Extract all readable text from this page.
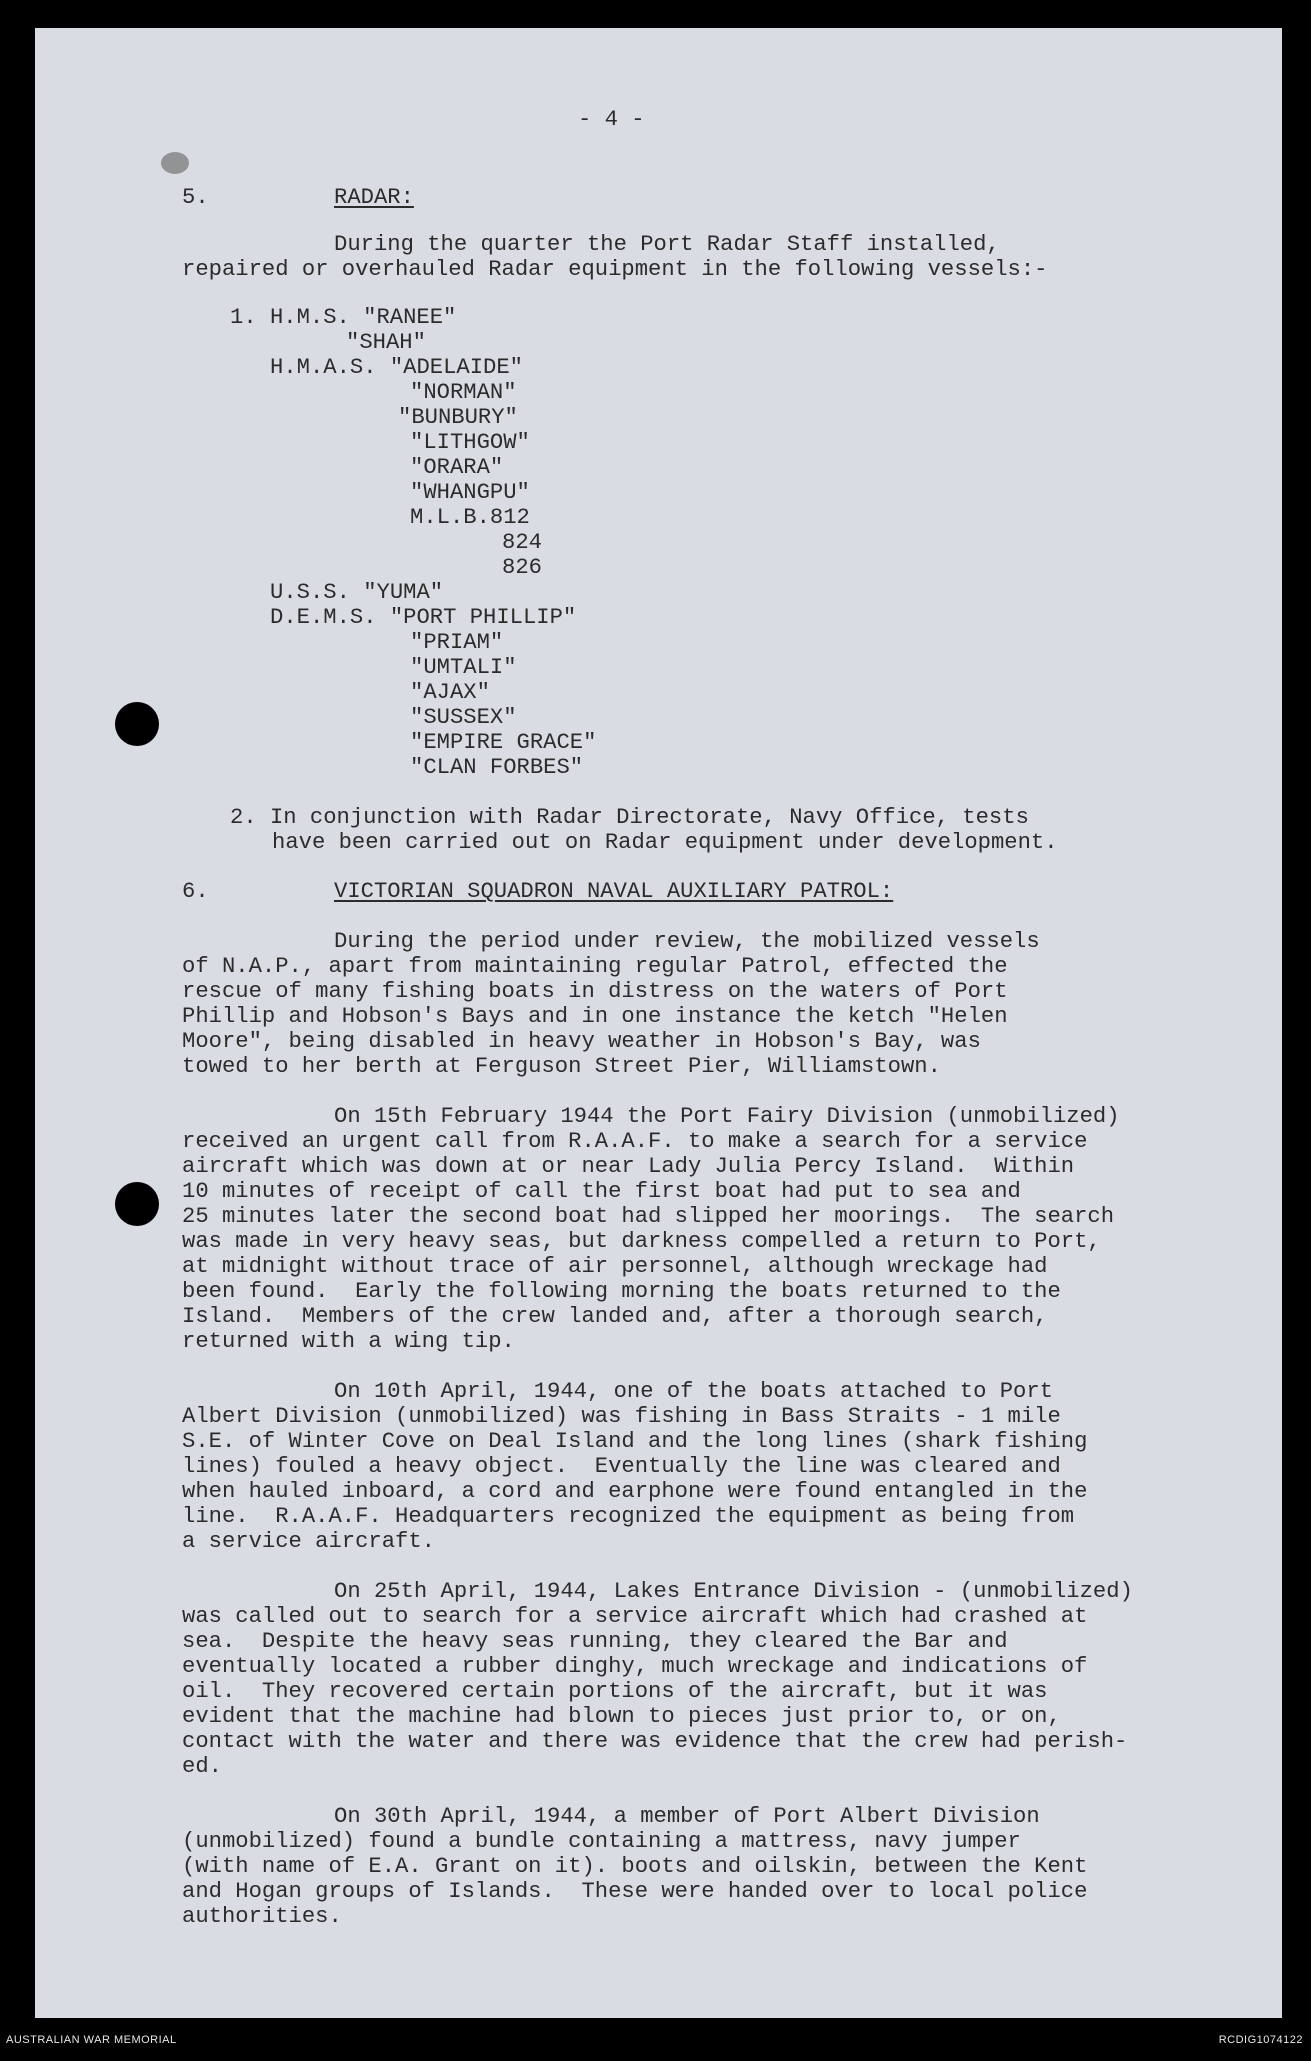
- 4 -
5.	RADAR:
During the quarter the Port Radar Staff installed,
repaired or overhauled Radar equipment in the following vessels:-
1. H.M.S. "RANEE"
"SHAH"
H.M.A.S. "ADELAIDE"
"NORMAN"
"BUNBURY"
"LITHGOW"
"ORARA"
"WHANGPU"
M.L.B.812
824
826
U.S.S. "YUMA"
D.E.M.S. "PORT PHILLIP"
"PRIAM"
"UMTALI"
"AJAX"
"SUSSEX"
"EMPIRE GRACE"
"CLAN FORBES"
2. In conjunction with Radar Directorate, Navy Office, tests
have been carried out on Radar equipment under development.
6.	VICTORIAN SQUADRON NAVAL AUXILIARY PATROL:
During the period under review, the mobilized vessels
of N.A.P., apart from maintaining regular Patrol, effected the
rescue of many fishing boats in distress on the waters of Port
Phillip and Hobson's Bays and in one instance the ketch "Helen
Moore", being disabled in heavy weather in Hobson's Bay, was
towed to her berth at Ferguson Street Pier, Williamstown.
On 15th February 1944 the Port Fairy Division (unmobilized)
received an urgent call from R.A.A.F. to make a search for a service
aircraft which was down at or near Lady Julia Percy Island.  Within
10 minutes of receipt of call the first boat had put to sea and
25 minutes later the second boat had slipped her moorings.  The search
was made in very heavy seas, but darkness compelled a return to Port,
at midnight without trace of air personnel, although wreckage had
been found.  Early the following morning the boats returned to the
Island.  Members of the crew landed and, after a thorough search,
returned with a wing tip.
On 10th April, 1944, one of the boats attached to Port
Albert Division (unmobilized) was fishing in Bass Straits - 1 mile
S.E. of Winter Cove on Deal Island and the long lines (shark fishing
lines) fouled a heavy object.  Eventually the line was cleared and
when hauled inboard, a cord and earphone were found entangled in the
line.  R.A.A.F. Headquarters recognized the equipment as being from
a service aircraft.
On 25th April, 1944, Lakes Entrance Division - (unmobilized)
was called out to search for a service aircraft which had crashed at
sea.  Despite the heavy seas running, they cleared the Bar and
eventually located a rubber dinghy, much wreckage and indications of
oil.  They recovered certain portions of the aircraft, but it was
evident that the machine had blown to pieces just prior to, or on,
contact with the water and there was evidence that the crew had perish-
ed.
On 30th April, 1944, a member of Port Albert Division
(unmobilized) found a bundle containing a mattress, navy jumper
(with name of E.A. Grant on it). boots and oilskin, between the Kent
and Hogan groups of Islands.  These were handed over to local police
authorities.
AUSTRALIAN WAR MEMORIAL	RCDIG1074122
